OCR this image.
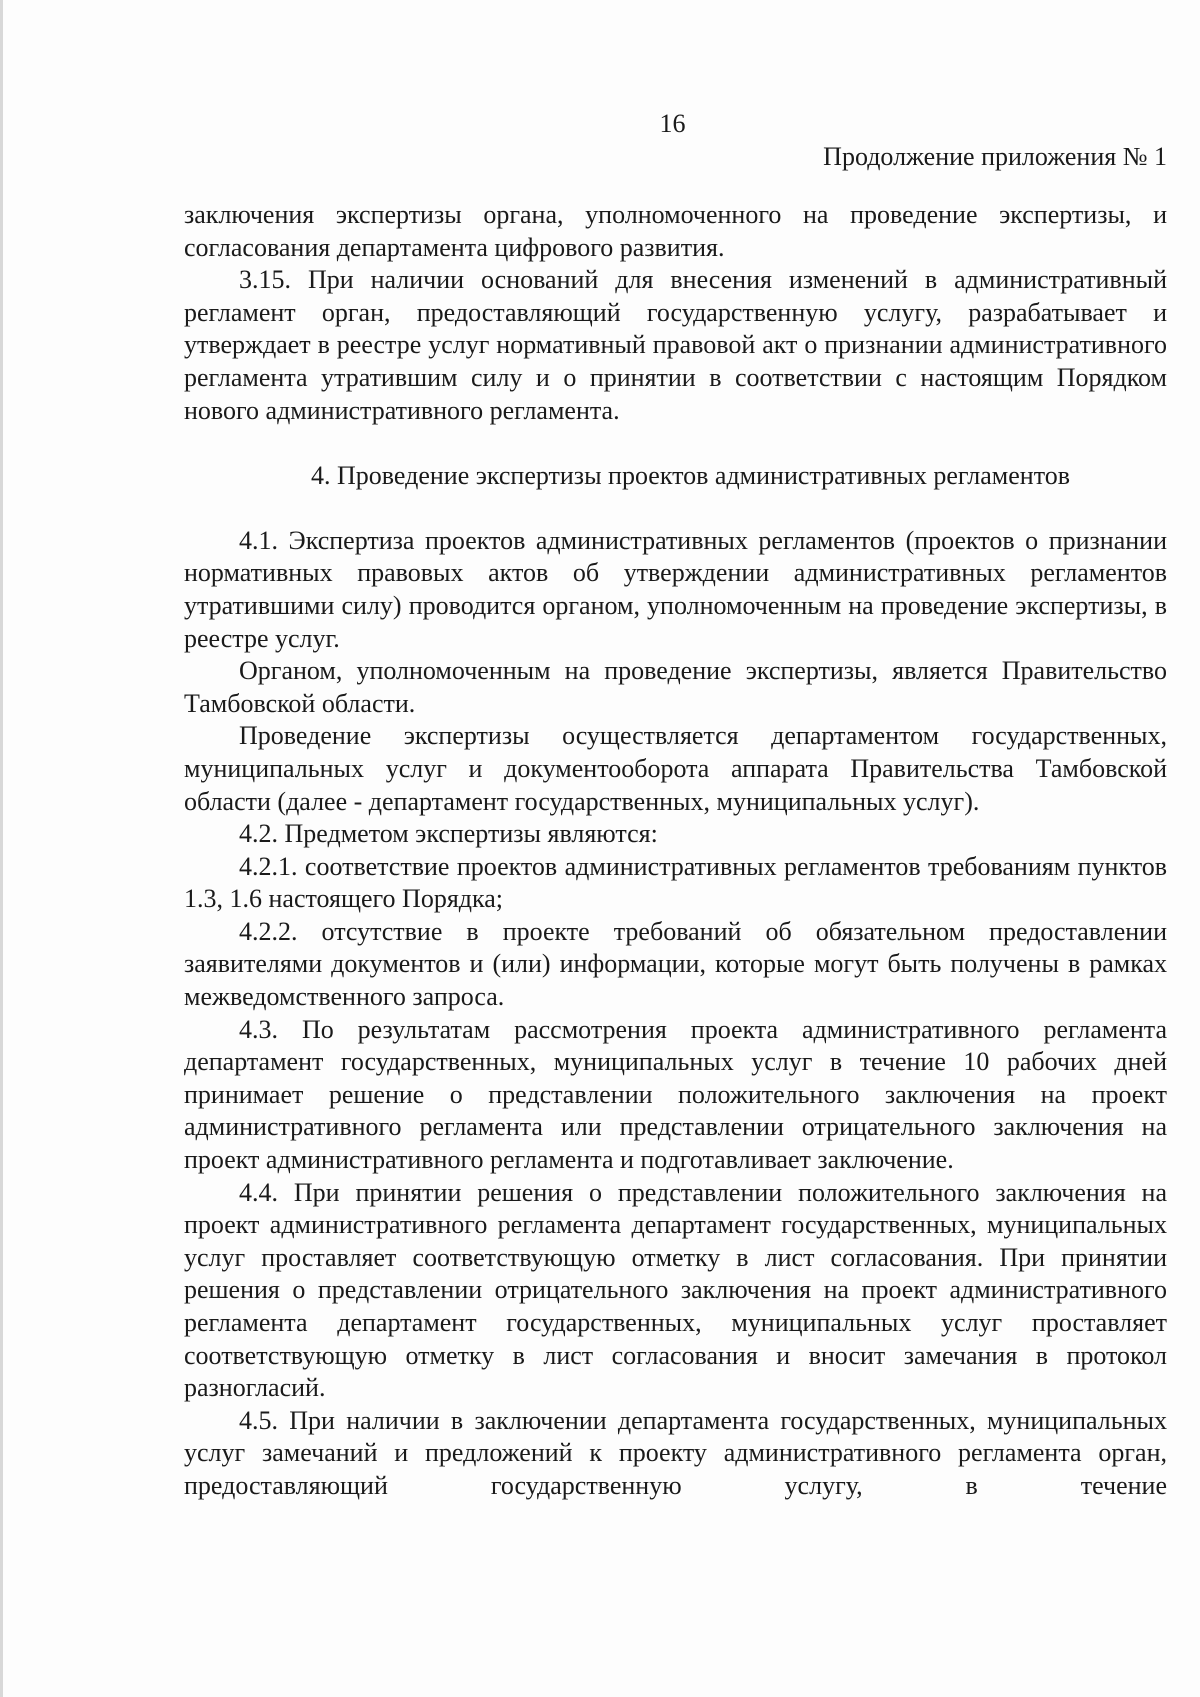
16
Продолжение приложения № 1

заключения экспертизы органа, уполномоченного на проведение экспертизы, и согласования департамента цифрового развития.

3.15. При наличии оснований для внесения изменений в административный регламент орган, предоставляющий государственную услугу, разрабатывает и утверждает в реестре услуг нормативный правовой акт о признании административного регламента утратившим силу и о принятии в соответствии с настоящим Порядком нового административного регламента.

4. Проведение экспертизы проектов административных регламентов

4.1. Экспертиза проектов административных регламентов (проектов о признании нормативных правовых актов об утверждении административных регламентов утратившими силу) проводится органом, уполномоченным на проведение экспертизы, в реестре услуг.

Органом, уполномоченным на проведение экспертизы, является Правительство Тамбовской области.

Проведение экспертизы осуществляется департаментом государственных, муниципальных услуг и документооборота аппарата Правительства Тамбовской области (далее - департамент государственных, муниципальных услуг).

4.2. Предметом экспертизы являются:

4.2.1. соответствие проектов административных регламентов требованиям пунктов 1.3, 1.6 настоящего Порядка;

4.2.2. отсутствие в проекте требований об обязательном предоставлении заявителями документов и (или) информации, которые могут быть получены в рамках межведомственного запроса.

4.3. По результатам рассмотрения проекта административного регламента департамент государственных, муниципальных услуг в течение 10 рабочих дней принимает решение о представлении положительного заключения на проект административного регламента или представлении отрицательного заключения на проект административного регламента и подготавливает заключение.

4.4. При принятии решения о представлении положительного заключения на проект административного регламента департамент государственных, муниципальных услуг проставляет соответствующую отметку в лист согласования. При принятии решения о представлении отрицательного заключения на проект административного регламента департамент государственных, муниципальных услуг проставляет соответствующую отметку в лист согласования и вносит замечания в протокол разногласий.

4.5. При наличии в заключении департамента государственных, муниципальных услуг замечаний и предложений к проекту административного регламента орган, предоставляющий государственную услугу, в течение
